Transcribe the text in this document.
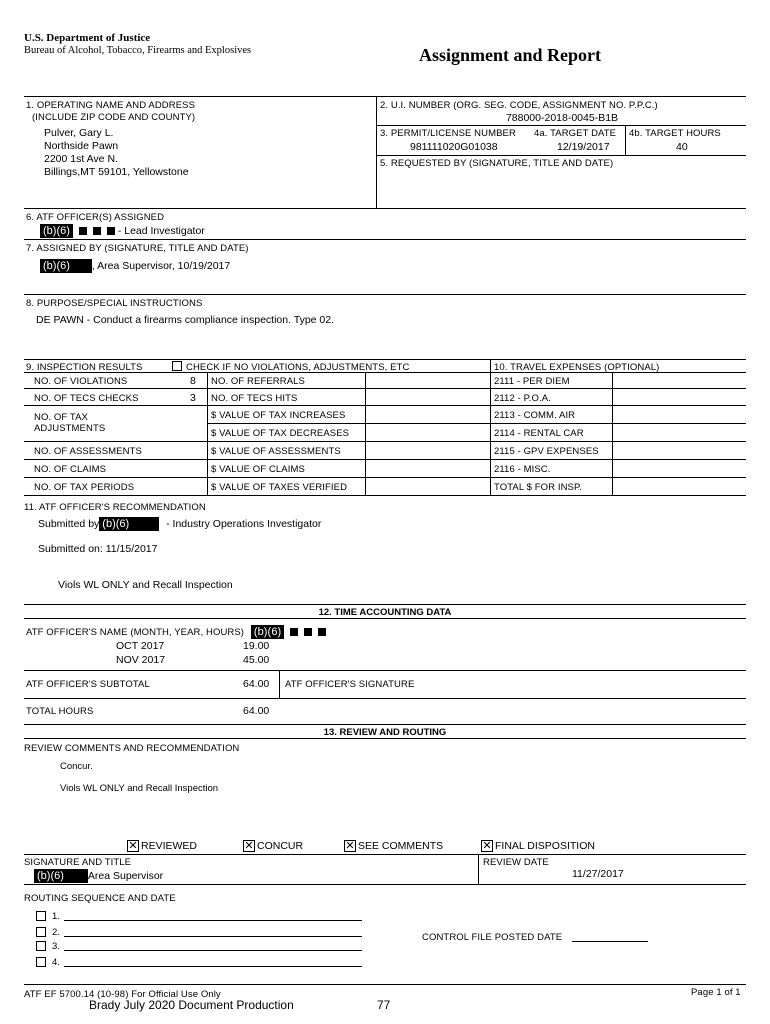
U.S. Department of Justice
Bureau of Alcohol, Tobacco, Firearms and Explosives	Assignment and Report
1. OPERATING NAME AND ADDRESS
(INCLUDE ZIP CODE AND COUNTY)
Pulver, Gary L.
Northside Pawn
2200 1st Ave N.
Billings,MT 59101, Yellowstone
2. U.I. NUMBER (ORG. SEG. CODE, ASSIGNMENT NO. P.P.C.)
788000-2018-0045-B1B
3. PERMIT/LICENSE NUMBER 4a. TARGET DATE 4b. TARGET HOURS
981111020G01038	12/19/2017	40
5. REQUESTED BY (SIGNATURE, TITLE AND DATE)
6. ATF OFFICER(S) ASSIGNED
(b)(6)	- Lead Investigator
7. ASSIGNED BY (SIGNATURE, TITLE AND DATE)
(b)(6) , Area Supervisor, 10/19/2017
8. PURPOSE/SPECIAL INSTRUCTIONS
DE PAWN - Conduct a firearms compliance inspection. Type 02.
9. INSPECTION RESULTS	CHECK IF NO VIOLATIONS, ADJUSTMENTS, ETC	10. TRAVEL EXPENSES (OPTIONAL)
NO. OF VIOLATIONS	8 NO. OF REFERRALS	2111 - PER DIEM
NO. OF TECS CHECKS	3 NO. OF TECS HITS	2112 - P.O.A.
NO. OF TAX ADJUSTMENTS
$ VALUE OF TAX INCREASES	2113 - COMM. AIR
$ VALUE OF TAX DECREASES	2114 - RENTAL CAR
NO. OF ASSESSMENTS	$ VALUE OF ASSESSMENTS	2115 - GPV EXPENSES
NO. OF CLAIMS	$ VALUE OF CLAIMS	2116 - MISC.
NO. OF TAX PERIODS	$ VALUE OF TAXES VERIFIED	TOTAL $ FOR INSP.
11. ATF OFFICER'S RECOMMENDATION
Submitted by (b)(6)	- Industry Operations Investigator
Submitted on: 11/15/2017
Viols WL ONLY and Recall Inspection
12. TIME ACCOUNTING DATA
ATF OFFICER'S NAME (MONTH, YEAR, HOURS) (b)(6)
OCT 2017	19.00
NOV 2017	45.00
ATF OFFICER'S SUBTOTAL	64.00 ATF OFFICER'S SIGNATURE
TOTAL HOURS	64.00
13. REVIEW AND ROUTING
REVIEW COMMENTS AND RECOMMENDATION
Concur.
Viols WL ONLY and Recall Inspection
✕ REVIEWED	✕ CONCUR	✕ SEE COMMENTS	✕ FINAL DISPOSITION
SIGNATURE AND TITLE
(b)(6) Area Supervisor
REVIEW DATE
11/27/2017
ROUTING SEQUENCE AND DATE
1.
2.
3.
4.
CONTROL FILE POSTED DATE
ATF EF 5700.14 (10-98) For Official Use Only	Page 1 of 1
Brady July 2020 Document Production	77
